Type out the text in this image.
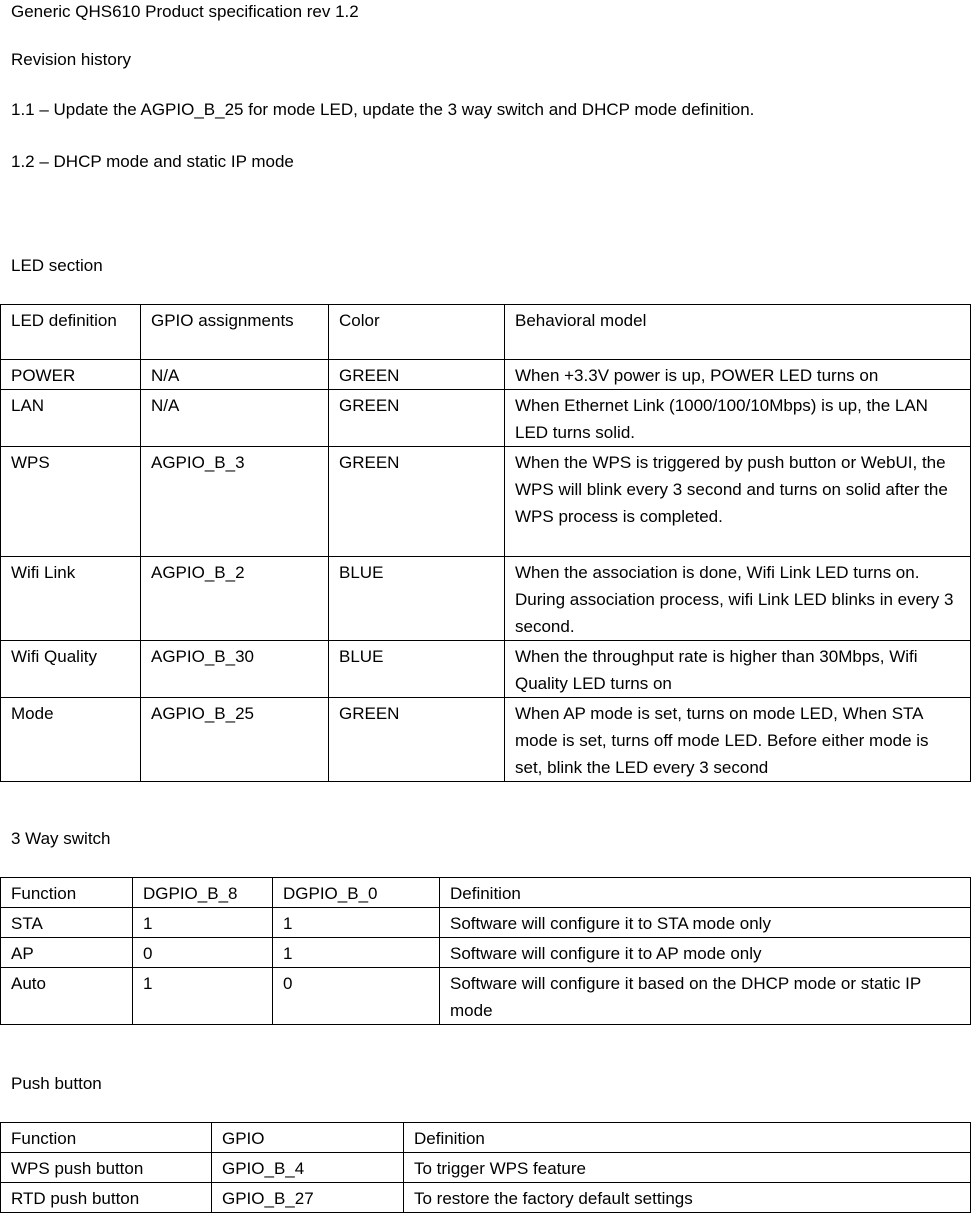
Generic QHS610 Product specification rev 1.2

Revision history

1.1 – Update the AGPIO_B_25 for mode LED, update the 3 way switch and DHCP mode definition.

1.2 – DHCP mode and static IP mode

LED section

LED definition	GPIO assignments	Color	Behavioral model
POWER	N/A	GREEN	When +3.3V power is up, POWER LED turns on
LAN	N/A	GREEN	When Ethernet Link (1000/100/10Mbps) is up, the LAN LED turns solid.
WPS	AGPIO_B_3	GREEN	When the WPS is triggered by push button or WebUI, the WPS will blink every 3 second and turns on solid after the WPS process is completed.
Wifi Link	AGPIO_B_2	BLUE	When the association is done, Wifi Link LED turns on. During association process, wifi Link LED blinks in every 3 second.
Wifi Quality	AGPIO_B_30	BLUE	When the throughput rate is higher than 30Mbps, Wifi Quality LED turns on
Mode	AGPIO_B_25	GREEN	When AP mode is set, turns on mode LED, When STA mode is set, turns off mode LED. Before either mode is set, blink the LED every 3 second

3 Way switch

Function	DGPIO_B_8	DGPIO_B_0	Definition
STA	1	1	Software will configure it to STA mode only
AP	0	1	Software will configure it to AP mode only
Auto	1	0	Software will configure it based on the DHCP mode or static IP mode

Push button

Function	GPIO	Definition
WPS push button	GPIO_B_4	To trigger WPS feature
RTD push button	GPIO_B_27	To restore the factory default settings
